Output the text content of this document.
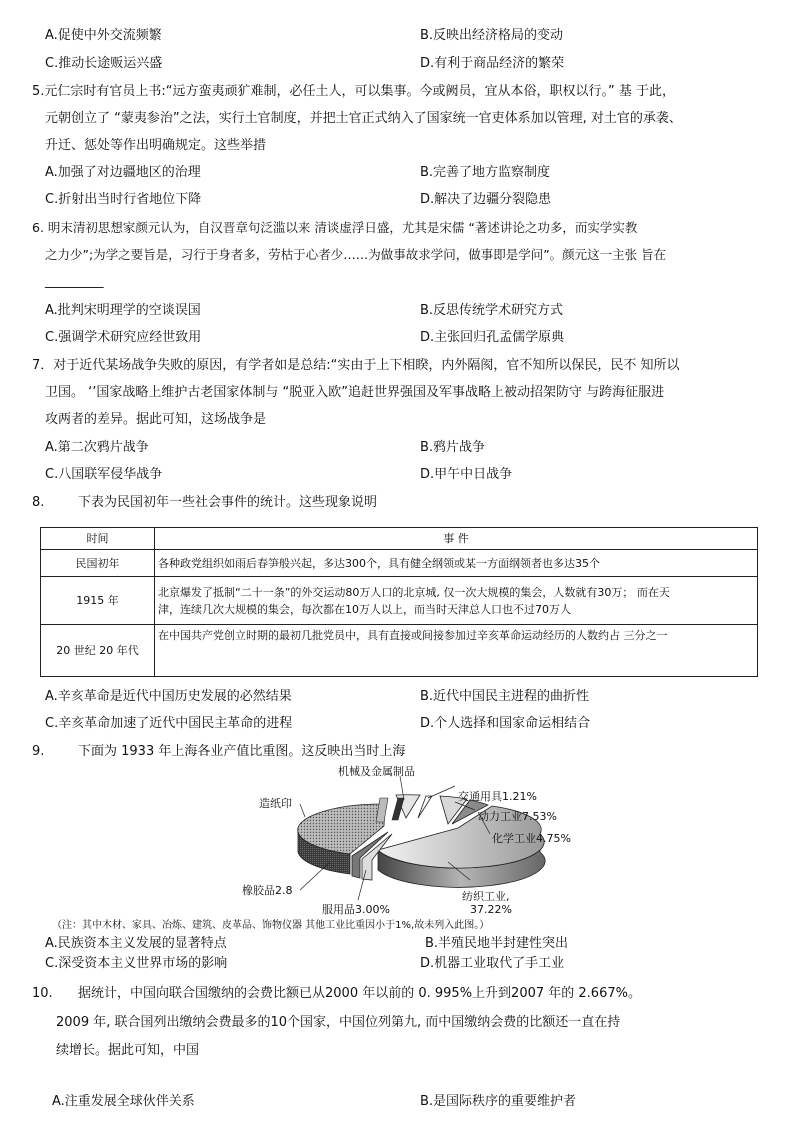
A.促使中外交流频繁	B.反映出经济格局的变动
C.推动长途贩运兴盛	D.有利于商品经济的繁荣
5.元仁宗时有官员上书:“远方蛮夷顽犷难制，必任土人，可以集事。今或阙员，宜从本俗，职权以行。” 基 于此，
元朝创立了 “蒙夷参治”之法，实行土官制度，并把土官正式纳入了国家统一官吏体系加以管理, 对土官的承袭、
升迁、惩处等作出明确规定。这些举措
A.加强了对边疆地区的治理	B.完善了地方监察制度
C.折射出当时行省地位下降	D.解决了边疆分裂隐患
6. 明末清初思想家颜元认为，自汉晋章句泛滥以来 清谈虚浮日盛，尤其是宋儒 “著述讲论之功多，而实学实教
之力少”;为学之要旨是，习行于身者多，劳枯于心者少……为做事故求学问，做事即是学问”。颜元这一主张 旨在
_________
A.批判宋明理学的空谈误国	B.反思传统学术研究方式
C.强调学术研究应经世致用	D.主张回归孔孟儒学原典
7．对于近代某场战争失败的原因，有学者如是总结:“实由于上下相睽，内外隔阂，官不知所以保民，民不 知所以
卫国。 ‘’国家战略上维护古老国家体制与 “脱亚入欧”追赶世界强国及军事战略上被动招架防守 与跨海征服进
攻两者的差异。据此可知，这场战争是
A.第二次鸦片战争	B.鸦片战争
C.八国联军侵华战争	D.甲午中日战争
8.	下表为民国初年一些社会事件的统计。这些现象说明
时间	事 件
民国初年	各种政党组织如雨后春笋般兴起，多达300个，具有健全纲领或某一方面纲领者也多达35个
1915 年	北京爆发了抵制“二十一条”的外交运动80万人口的北京城, 仅一次大规模的集会，人数就有30万； 而在天
津，连续几次大规模的集会，每次都在10万人以上，而当时天津总人口也不过70万人

20 世纪 20 年代	在中国共产党创立时期的最初几批党员中，具有直接或间接参加过辛亥革命运动经历的人数约占 三分之一
A.辛亥革命是近代中国历史发展的必然结果	B.近代中国民主进程的曲折性
C.辛亥革命加速了近代中国民主革命的进程	D.个人选择和国家命运相结合
9.	下面为 1933 年上海各业产值比重图。这反映出当时上海
机械及金属制品
交通用具1.21%
动力工业7.53%
化学工业4.75%
纺织工业,
37.22%
服用品3.00%
橡胶品2.8
造纸印
（注：其中木材、家具、冶炼、建筑、皮革品、饰物仪器 其他工业比重因小于1%,故未列入此图。）
A.民族资本主义发展的显著特点	B.半殖民地半封建性突出
C.深受资本主义世界市场的影响	D.机器工业取代了手工业
10. 据统计，中国向联合国缴纳的会费比额已从2000 年以前的 0. 995%上升到2007 年的 2.667%。
2009 年, 联合国列出缴纳会费最多的10个国家，中国位列第九, 而中国缴纳会费的比额还一直在持
续增长。据此可知，中国
A.注重发展全球伙伴关系	B.是国际秩序的重要维护者
